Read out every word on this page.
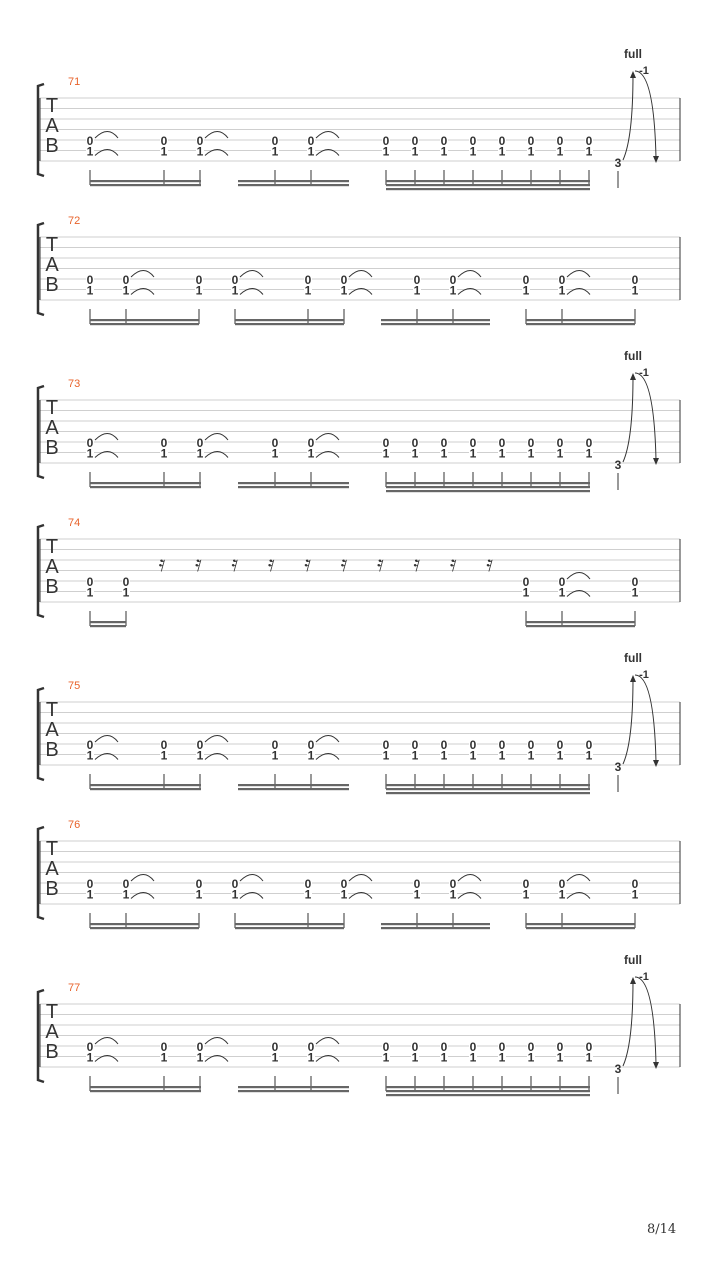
T
A
B
71
0
1
0
1
0
1
0
1
0
1
0
1
0
1
0
1
0
1
0
1
0
1
0
1
0
1
3
full
-1
T
A
B
72
0
1
0
1
0
1
0
1
0
1
0
1
0
1
0
1
0
1
0
1
0
1
T
A
B
73
0
1
0
1
0
1
0
1
0
1
0
1
0
1
0
1
0
1
0
1
0
1
0
1
0
1
3
full
-1
T
A
B
74
0
1
0
1
𝄿 𝄿 𝄿 𝄿 𝄿 𝄿 𝄿 𝄿 𝄿 𝄿
0
1
0
1
0
1
T
A
B
75
0
1
0
1
0
1
0
1
0
1
0
1
0
1
0
1
0
1
0
1
0
1
0
1
0
1
3
full
-1
T
A
B
76
0
1
0
1
0
1
0
1
0
1
0
1
0
1
0
1
0
1
0
1
0
1
T
A
B
77
0
1
0
1
0
1
0
1
0
1
0
1
0
1
0
1
0
1
0
1
0
1
0
1
0
1
3
full
-1
8/14
